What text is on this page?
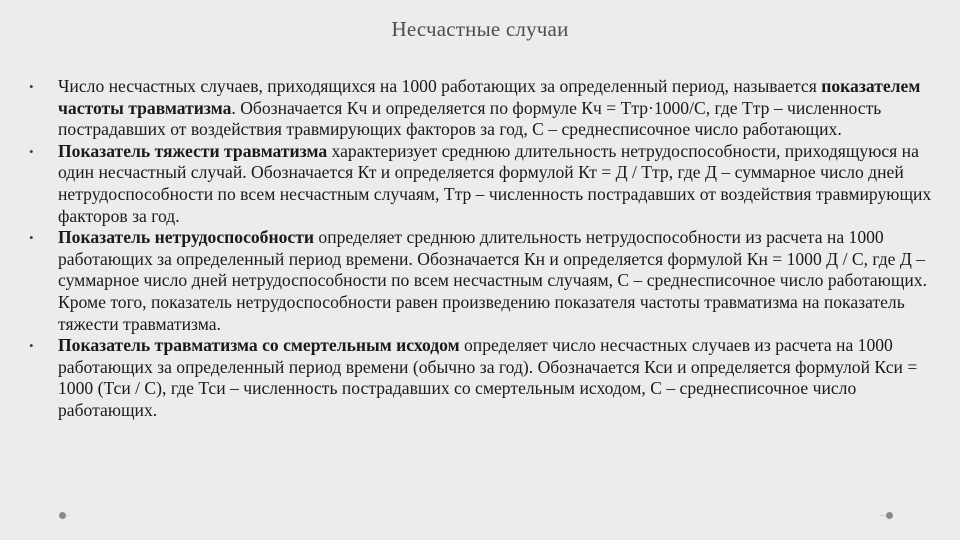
Несчастные случаи
• Число несчастных случаев, приходящихся на 1000 работающих за определенный период, называется показателем частоты травматизма. Обозначается Кч и определяется по формуле Кч = Ттр·1000/С, где Ттр – численность пострадавших от воздействия травмирующих факторов за год, С – среднесписочное число работающих.
• Показатель тяжести травматизма характеризует среднюю длительность нетрудоспособности, приходящуюся на один несчастный случай. Обозначается Кт и определяется формулой Кт = Д / Ттр, где Д – суммарное число дней нетрудоспособности по всем несчастным случаям, Ттр – численность пострадавших от воздействия травмирующих факторов за год.
• Показатель нетрудоспособности определяет среднюю длительность нетрудоспособности из расчета на 1000 работающих за определенный период времени. Обозначается Кн и определяется формулой Кн = 1000 Д / С, где Д – суммарное число дней нетрудоспособности по всем несчастным случаям, С – среднесписочное число работающих. Кроме того, показатель нетрудоспособности равен произведению показателя частоты травматизма на показатель тяжести травматизма.
• Показатель травматизма со смертельным исходом определяет число несчастных случаев из расчета на 1000 работающих за определенный период времени (обычно за год). Обозначается Кси и определяется формулой Кси = 1000 (Тси / С), где Тси – численность пострадавших со смертельным исходом, С – среднесписочное число работающих.
